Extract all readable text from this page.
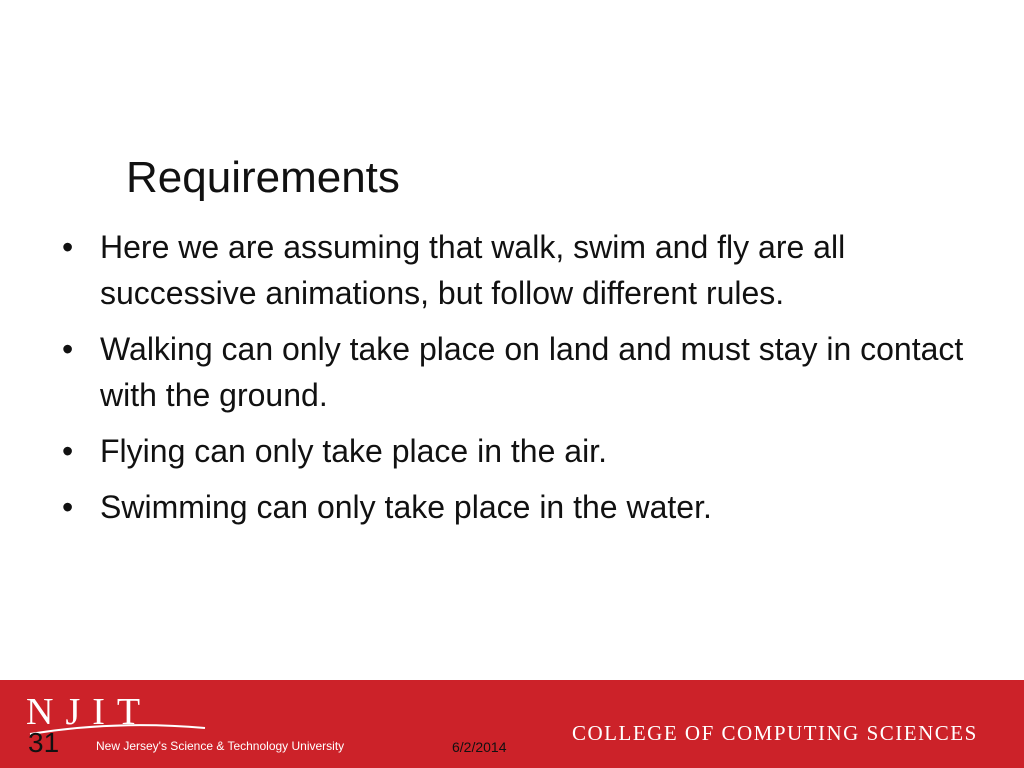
Requirements
• Here we are assuming that walk, swim and fly are all successive animations, but follow different rules.
• Walking can only take place on land and must stay in contact with the ground.
• Flying can only take place in the air.
• Swimming can only take place in the water.
NJIT
New Jersey's Science & Technology University
31	6/2/2014
COLLEGE OF COMPUTING SCIENCES
